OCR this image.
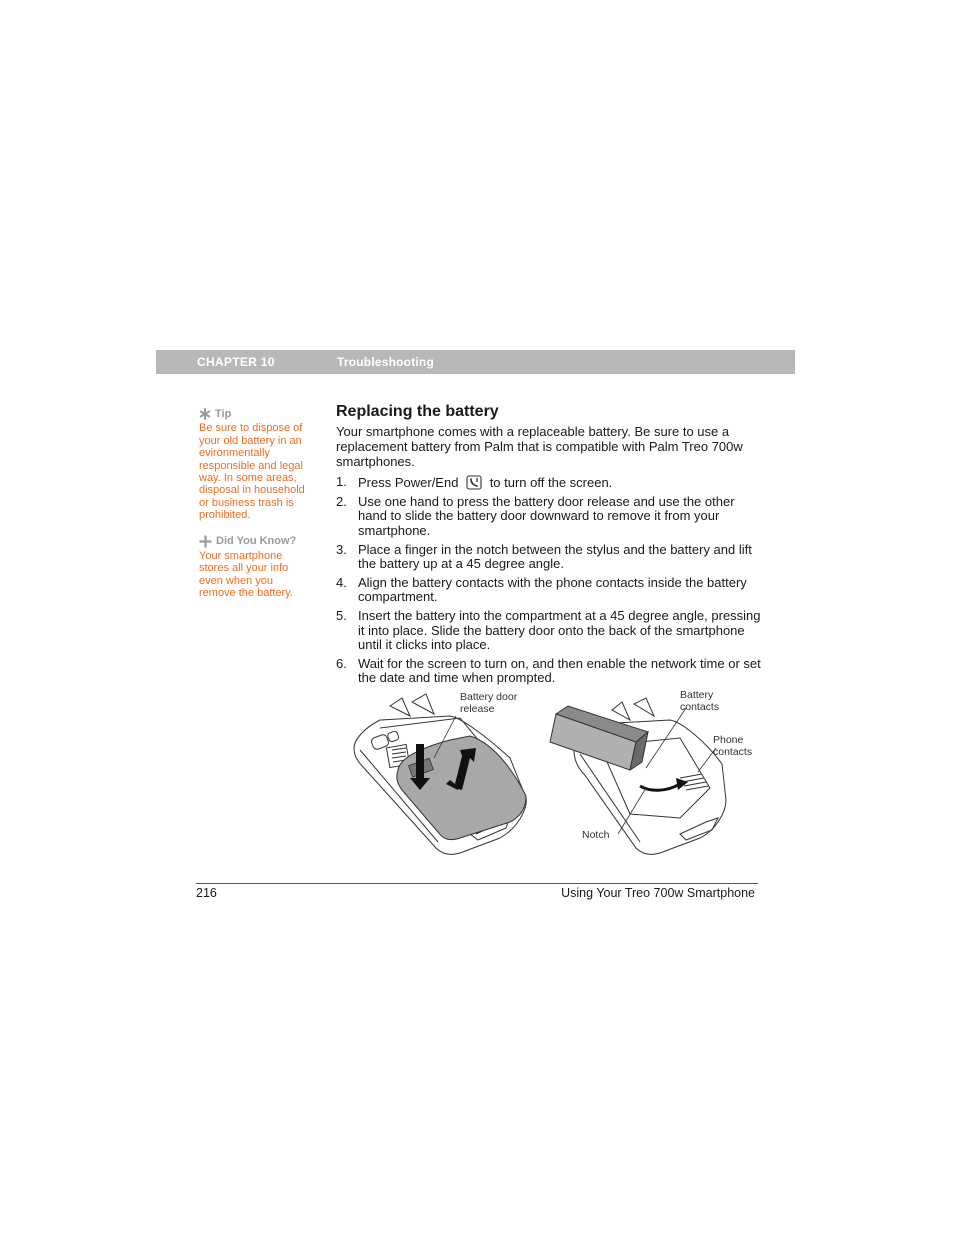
CHAPTER 10	Troubleshooting
Tip
Be sure to dispose of
your old battery in an
evironmentally
responsible and legal
way. In some areas,
disposal in household
or business trash is
prohibited.
Did You Know?
Your smartphone
stores all your info
even when you
remove the battery.
Replacing the battery

Your smartphone comes with a replaceable battery. Be sure to use a replacement battery from Palm that is compatible with Palm Treo 700w smartphones.

1. Press Power/End to turn off the screen.
2. Use one hand to press the battery door release and use the other hand to slide the battery door downward to remove it from your smartphone.
3. Place a finger in the notch between the stylus and the battery and lift the battery up at a 45 degree angle.
4. Align the battery contacts with the phone contacts inside the battery compartment.
5. Insert the battery into the compartment at a 45 degree angle, pressing it into place. Slide the battery door onto the back of the smartphone until it clicks into place.
6. Wait for the screen to turn on, and then enable the network time or set the date and time when prompted.
Battery door
release
Battery
contacts
Phone
contacts
Notch
216	Using Your Treo 700w Smartphone
